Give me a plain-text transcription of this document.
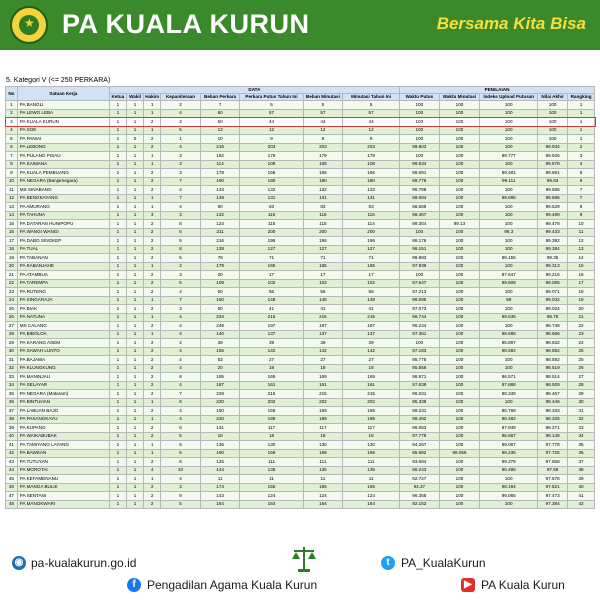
★ PA KUALA KURUN	Bersama Kita Bisa
5. Kategori V (<= 250 PERKARA)
No	Satuan Kerja	DATA								PENILAIAN				
		Ketua	Wakil	Hakim	Kepaniteraan	Beban Perkara	Perkara Putus Tahun Ini	Beban Minutasi	Minutasi Tahun Ini	Waktu Putus	Waktu Minutasi	Indeks Upload Putusan	Nilai Akhir	Rangking
1	PA BANGLI	1	1	1	2	7	5	5	5	100	100	100	100	1
2	PA LEWO LEBA	1	1	1	4	60	57	57	57	100	100	100	100	1
3	PA KUALA KURUN	1	1	2	3	50	44	44	44	100	100	100	100	1
4	PA SOE	1	1	1	5	13	12	12	12	100	100	100	100	1
5	PA PANIAI	1	0	2	1	10	9	9	9	100	100	100	100	1
6	PA LEBONG	1	1	2	4	215	203	203	203	99.803	100	100	99.934	2
7	PA PULANG PISAU	1	1	1	3	182	179	179	179	100	100	99.777	99.926	3
8	PA KAIMANA	1	1	1	3	114	108	108	108	99.634	100	100	99.878	4
9	PA KUALA PEMBUANG	1	1	2	3	178	166	166	166	99.691	100	99.481	99.691	5
10	PA NEGARA (Banjarnegara)	1	1	2	7	190	180	180	180	99.778	100	99.111	99.63	6
11	MS SINABANG	1	1	2	4	143	132	132	132	98.788	100	100	99.596	7
12	PA BENGKAYANG	1	1	1	7	149	131	131	131	99.084	100	99.695	99.596	7
13	PA AMURANG	1	1	1	4	90	83	83	83	98.588	100	100	99.529	8
14	PA TAHUNA	1	1	3	3	132	116	116	116	98.467	100	100	99.489	9
15	PA DATARAN HUNIPOPU	1	1	2	8	124	115	115	114	99.304	99.13	100	99.478	10
16	PA WANGI WANGI	1	1	2	6	211	200	200	200	100	100	98.3	99.433	11
17	PA DABO SINGKEP	1	1	2	5	216	196	196	196	98.176	100	100	99.392	12
18	PA TUAL	1	1	2	8	138	127	127	127	98.151	100	100	99.384	13
19	PA TABANAN	1	1	2	5	78	71	71	71	98.893	100	99.155	99.35	14
20	PA KABANJAHE	1	1	1	2	179	165	165	165	97.939	100	100	99.313	15
21	PA ATAMBUA	1	1	2	3	20	17	17	17	100	100	97.647	99.216	16
22	PA TAREMPA	1	1	2	5	109	102	102	102	97.647	100	99.608	99.085	17
23	PA RUTENG	1	1	2	4	60	56	56	56	97.213	100	100	99.071	18
24	PA SINGARAJA	1	1	1	7	160	148	148	149	98.095	100	99	99.032	19
25	PA BIAK	1	1	2	3	50	41	41	41	97.073	100	100	99.024	20
26	PA NATUNA	1	1	1	4	234	215	215	215	96.744	100	99.535	98.76	21
27	MS CALANG	1	1	2	4	249	197	197	197	96.244	100	100	98.748	22
28	PA BIBOLOA	1	1	1	4	140	137	137	137	97.361	100	98.686	98.666	23
29	PA KARANG ASEM	1	1	2	2	39	39	39	39	100	100	95.897	98.632	24
30	PA SAWAH LUNTO	1	1	2	4	155	142	142	142	97.183	100	98.592	98.592	25
31	PA BAJAWA	1	1	2	4	53	27	27	27	95.775	100	100	98.592	25
32	PA KLUNGKUNG	1	1	2	4	20	18	18	18	95.556	100	100	98.519	26
33	PA MANINJAU	1	1	2	8	195	169	169	169	98.971	100	96.571	98.514	27
34	PA SELAYAR	1	1	2	4	187	161	161	161	97.639	100	97.888	98.509	28
35	PA NEGARA (Mataram)	1	1	2	7	229	215	215	215	96.031	100	99.349	98.467	29
36	PA BINTUHAN	1	1	1	6	220	202	202	202	95.338	100	100	98.446	30
37	PA LABUAN BAJO	1	1	2	4	160	156	156	156	99.231	100	95.769	98.333	31
38	PA PASANGKAYU	1	1	1	4	220	199	199	199	98.492	100	96.482	98.325	32
39	PA KUPANG	1	1	2	6	131	117	117	117	96.063	100	97.949	98.271	33
40	PA WAIKABUBAK	1	1	2	5	18	18	18	18	97.778	100	96.667	98.148	34
41	PA TAMIYANG LAYANG	1	1	1	5	136	130	130	130	94.267	100	99.067	97.778	35
42	PA BAWEAN	1	1	1	5	190	169	169	169	95.882	99.059	98.235	97.725	36
43	PA TUTUYAN	1	1	2	6	125	111	111	111	93.694	100	99.279	97.658	37
44	PA MOROTAI	1	1	4	10	144	135	135	135	96.243	100	96.496	97.58	38
45	PA KEFAMENANU	1	1	1	4	11	11	11	11	92.727	100	100	97.576	39
46	PA MANGA BULIK	1	1	2	3	174	155	155	155	94.37	100	98.194	97.521	40
47	PA SENTANI	1	1	2	9	143	124	124	124	96.355	100	96.065	97.473	41
48	PA MANOKWARI	1	1	2	5	184	164	164	164	92.152	100	100	97.384	42
◉ pa-kualakurun.go.id	t PA_KualaKurun
f Pengadilan Agama Kuala Kurun	▶ PA Kuala Kurun
